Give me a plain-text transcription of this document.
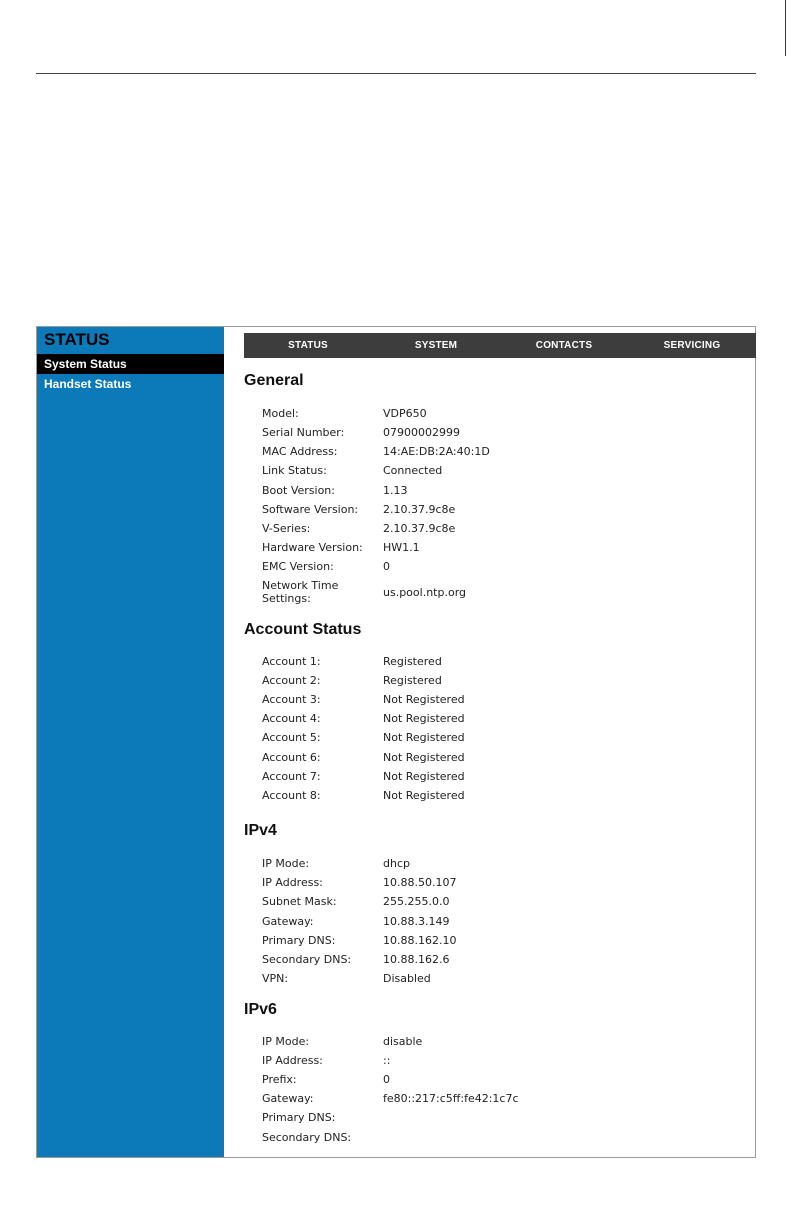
STATUS
System Status
Handset Status
STATUS	SYSTEM	CONTACTS	SERVICING
General
Model:	VDP650
Serial Number:	07900002999
MAC Address:	14:AE:DB:2A:40:1D
Link Status:	Connected
Boot Version:	1.13
Software Version:	2.10.37.9c8e
V-Series:	2.10.37.9c8e
Hardware Version:	HW1.1
EMC Version:	0
Network Time Settings:	us.pool.ntp.org
Account Status
Account 1:	Registered
Account 2:	Registered
Account 3:	Not Registered
Account 4:	Not Registered
Account 5:	Not Registered
Account 6:	Not Registered
Account 7:	Not Registered
Account 8:	Not Registered
IPv4
IP Mode:	dhcp
IP Address:	10.88.50.107
Subnet Mask:	255.255.0.0
Gateway:	10.88.3.149
Primary DNS:	10.88.162.10
Secondary DNS:	10.88.162.6
VPN:	Disabled
IPv6
IP Mode:	disable
IP Address:	::
Prefix:	0
Gateway:	fe80::217:c5ff:fe42:1c7c
Primary DNS:
Secondary DNS:
